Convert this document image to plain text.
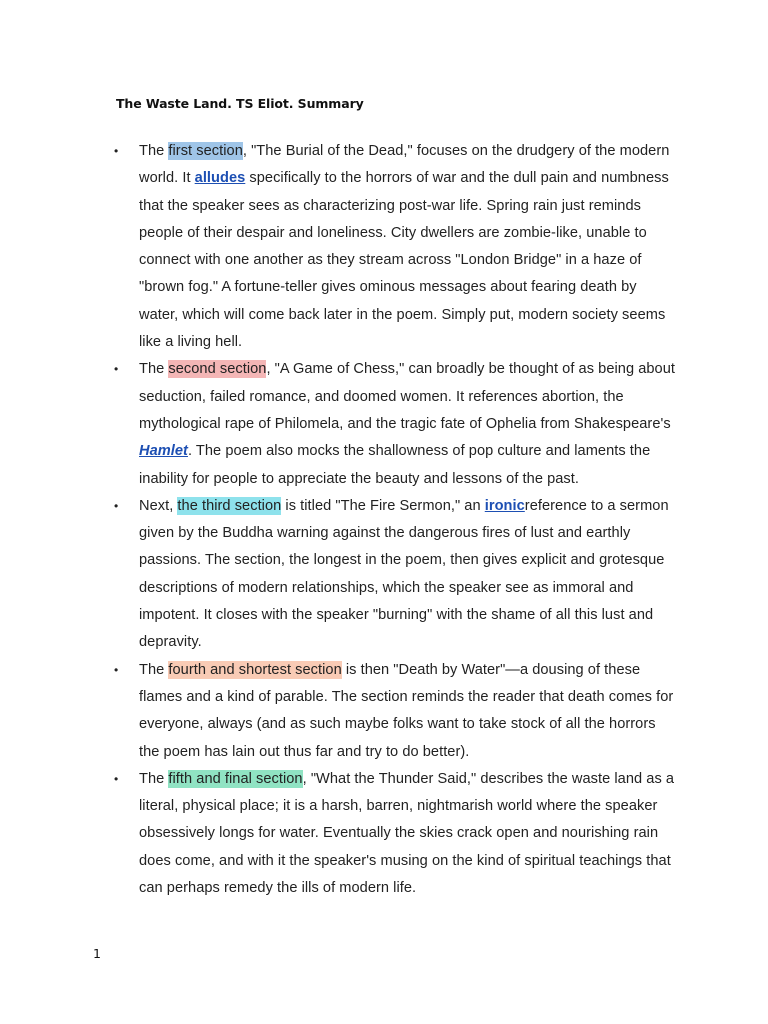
The Waste Land. TS Eliot. Summary
• The first section, "The Burial of the Dead," focuses on the drudgery of the modern world. It alludes specifically to the horrors of war and the dull pain and numbness that the speaker sees as characterizing post-war life. Spring rain just reminds people of their despair and loneliness. City dwellers are zombie-like, unable to connect with one another as they stream across "London Bridge" in a haze of "brown fog." A fortune-teller gives ominous messages about fearing death by water, which will come back later in the poem. Simply put, modern society seems like a living hell.
• The second section, "A Game of Chess," can broadly be thought of as being about seduction, failed romance, and doomed women. It references abortion, the mythological rape of Philomela, and the tragic fate of Ophelia from Shakespeare's Hamlet. The poem also mocks the shallowness of pop culture and laments the inability for people to appreciate the beauty and lessons of the past.
• Next, the third section is titled "The Fire Sermon," an ironicreference to a sermon given by the Buddha warning against the dangerous fires of lust and earthly passions. The section, the longest in the poem, then gives explicit and grotesque descriptions of modern relationships, which the speaker see as immoral and impotent. It closes with the speaker "burning" with the shame of all this lust and depravity.
• The fourth and shortest section is then "Death by Water"—a dousing of these flames and a kind of parable. The section reminds the reader that death comes for everyone, always (and as such maybe folks want to take stock of all the horrors the poem has lain out thus far and try to do better).
• The fifth and final section, "What the Thunder Said," describes the waste land as a literal, physical place; it is a harsh, barren, nightmarish world where the speaker obsessively longs for water. Eventually the skies crack open and nourishing rain does come, and with it the speaker's musing on the kind of spiritual teachings that can perhaps remedy the ills of modern life.
1
